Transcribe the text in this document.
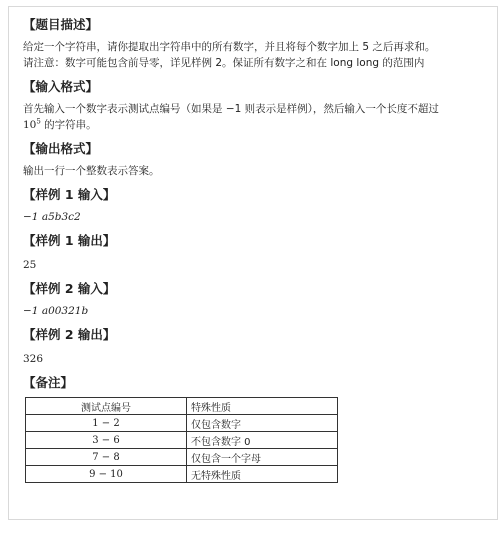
【题目描述】

给定一个字符串，请你提取出字符串中的所有数字，并且将每个数字加上 5 之后再求和。

请注意：数字可能包含前导零，详见样例 2。保证所有数字之和在 long long 的范围内

【输入格式】

首先输入一个数字表示测试点编号（如果是 −1 则表示是样例），然后输入一个长度不超过

$10^5$ 的字符串。

【输出格式】

输出一行一个整数表示答案。

【样例 1 输入】

−1 a5b3c2

【样例 1 输出】

25

【样例 2 输入】

−1 a00321b

【样例 2 输出】

326

【备注】
测试点编号	特殊性质
1 − 2	仅包含数字
3 − 6	不包含数字 0
7 − 8	仅包含一个字母
9 − 10	无特殊性质
